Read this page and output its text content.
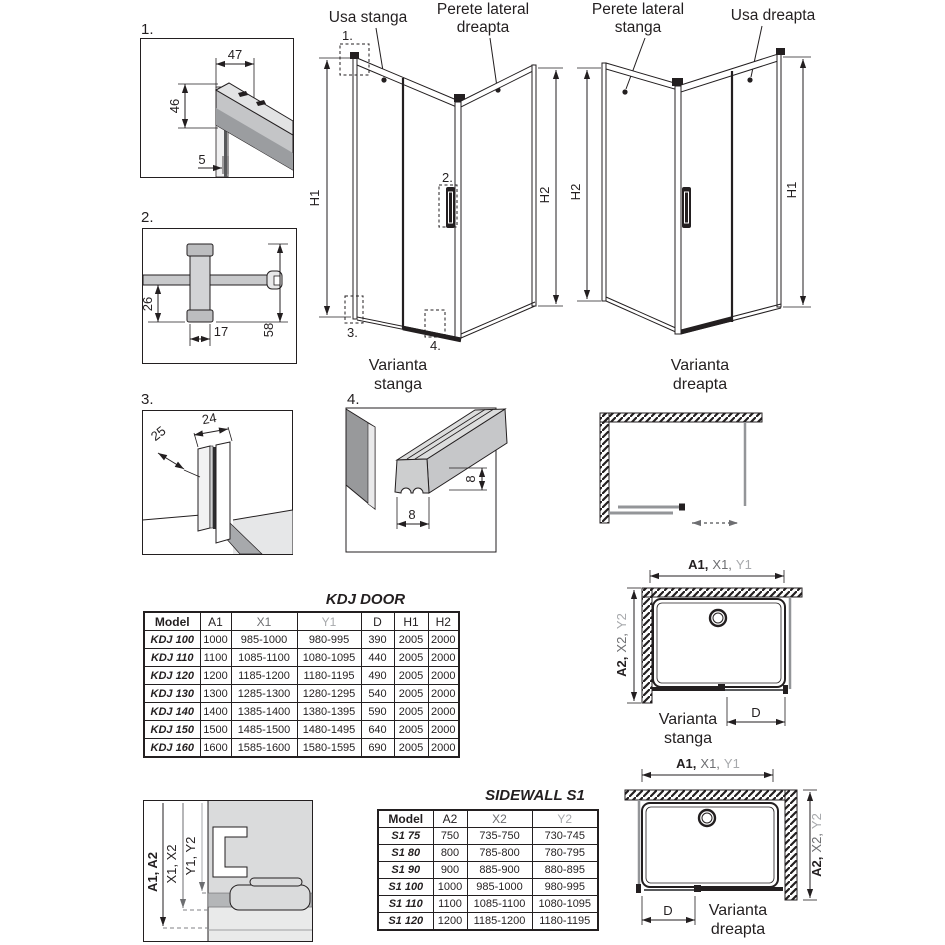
1.
47
46
5
2.
26
17	58
3.
24
25
4.
8
8
Usa stanga Perete lateral
dreapta
H1	H2
1.
2.
3.
4.
Varianta
stanga
Perete lateral
stanga
Usa dreapta
H2	H1
Varianta
dreapta
A1, X1, Y1
D
A2,X2,Y2
Varianta
stanga
A1, X1, Y1
D
A2,X2,Y2
Varianta
dreapta
A1, A2 X1, X2 Y1, Y2
KDJ DOOR
Model	A1	X1	Y1	D	H1	H2
KDJ 100	1000	985-1000	980-995	390	2005	2000
KDJ 110	1100	1085-1100	1080-1095	440	2005	2000
KDJ 120	1200	1185-1200	1180-1195	490	2005	2000
KDJ 130	1300	1285-1300	1280-1295	540	2005	2000
KDJ 140	1400	1385-1400	1380-1395	590	2005	2000
KDJ 150	1500	1485-1500	1480-1495	640	2005	2000
KDJ 160	1600	1585-1600	1580-1595	690	2005	2000
SIDEWALL S1
Model	A2	X2	Y2
S1 75	750	735-750	730-745
S1 80	800	785-800	780-795
S1 90	900	885-900	880-895
S1 100	1000	985-1000	980-995
S1 110	1100	1085-1100	1080-1095
S1 120	1200	1185-1200	1180-1195
